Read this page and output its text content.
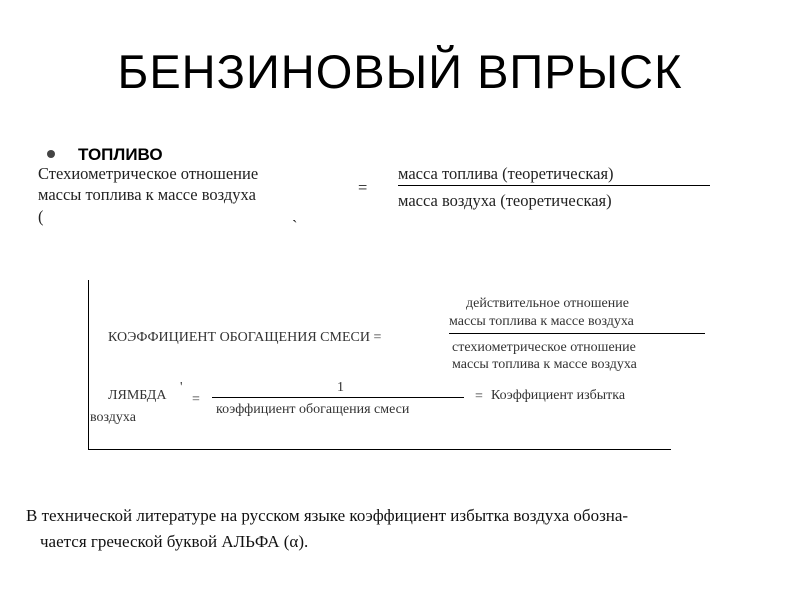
БЕНЗИНОВЫЙ ВПРЫСК
ТОПЛИВО
Стехиометрическое отношение
массы топлива к массе воздуха
(
ˋ
=
масса топлива (теоретическая)
масса воздуха (теоретическая)
КОЭФФИЦИЕНТ ОБОГАЩЕНИЯ СМЕСИ =
действительное отношение
массы топлива к массе воздуха
стехиометрическое отношение
массы топлива к массе воздуха
ЛЯМБДА
'
=
1
коэффициент обогащения смеси
= Коэффициент избытка
воздуха
В технической литературе на русском языке коэффициент избытка воздуха обозна-
чается греческой буквой АЛЬФА (α).
